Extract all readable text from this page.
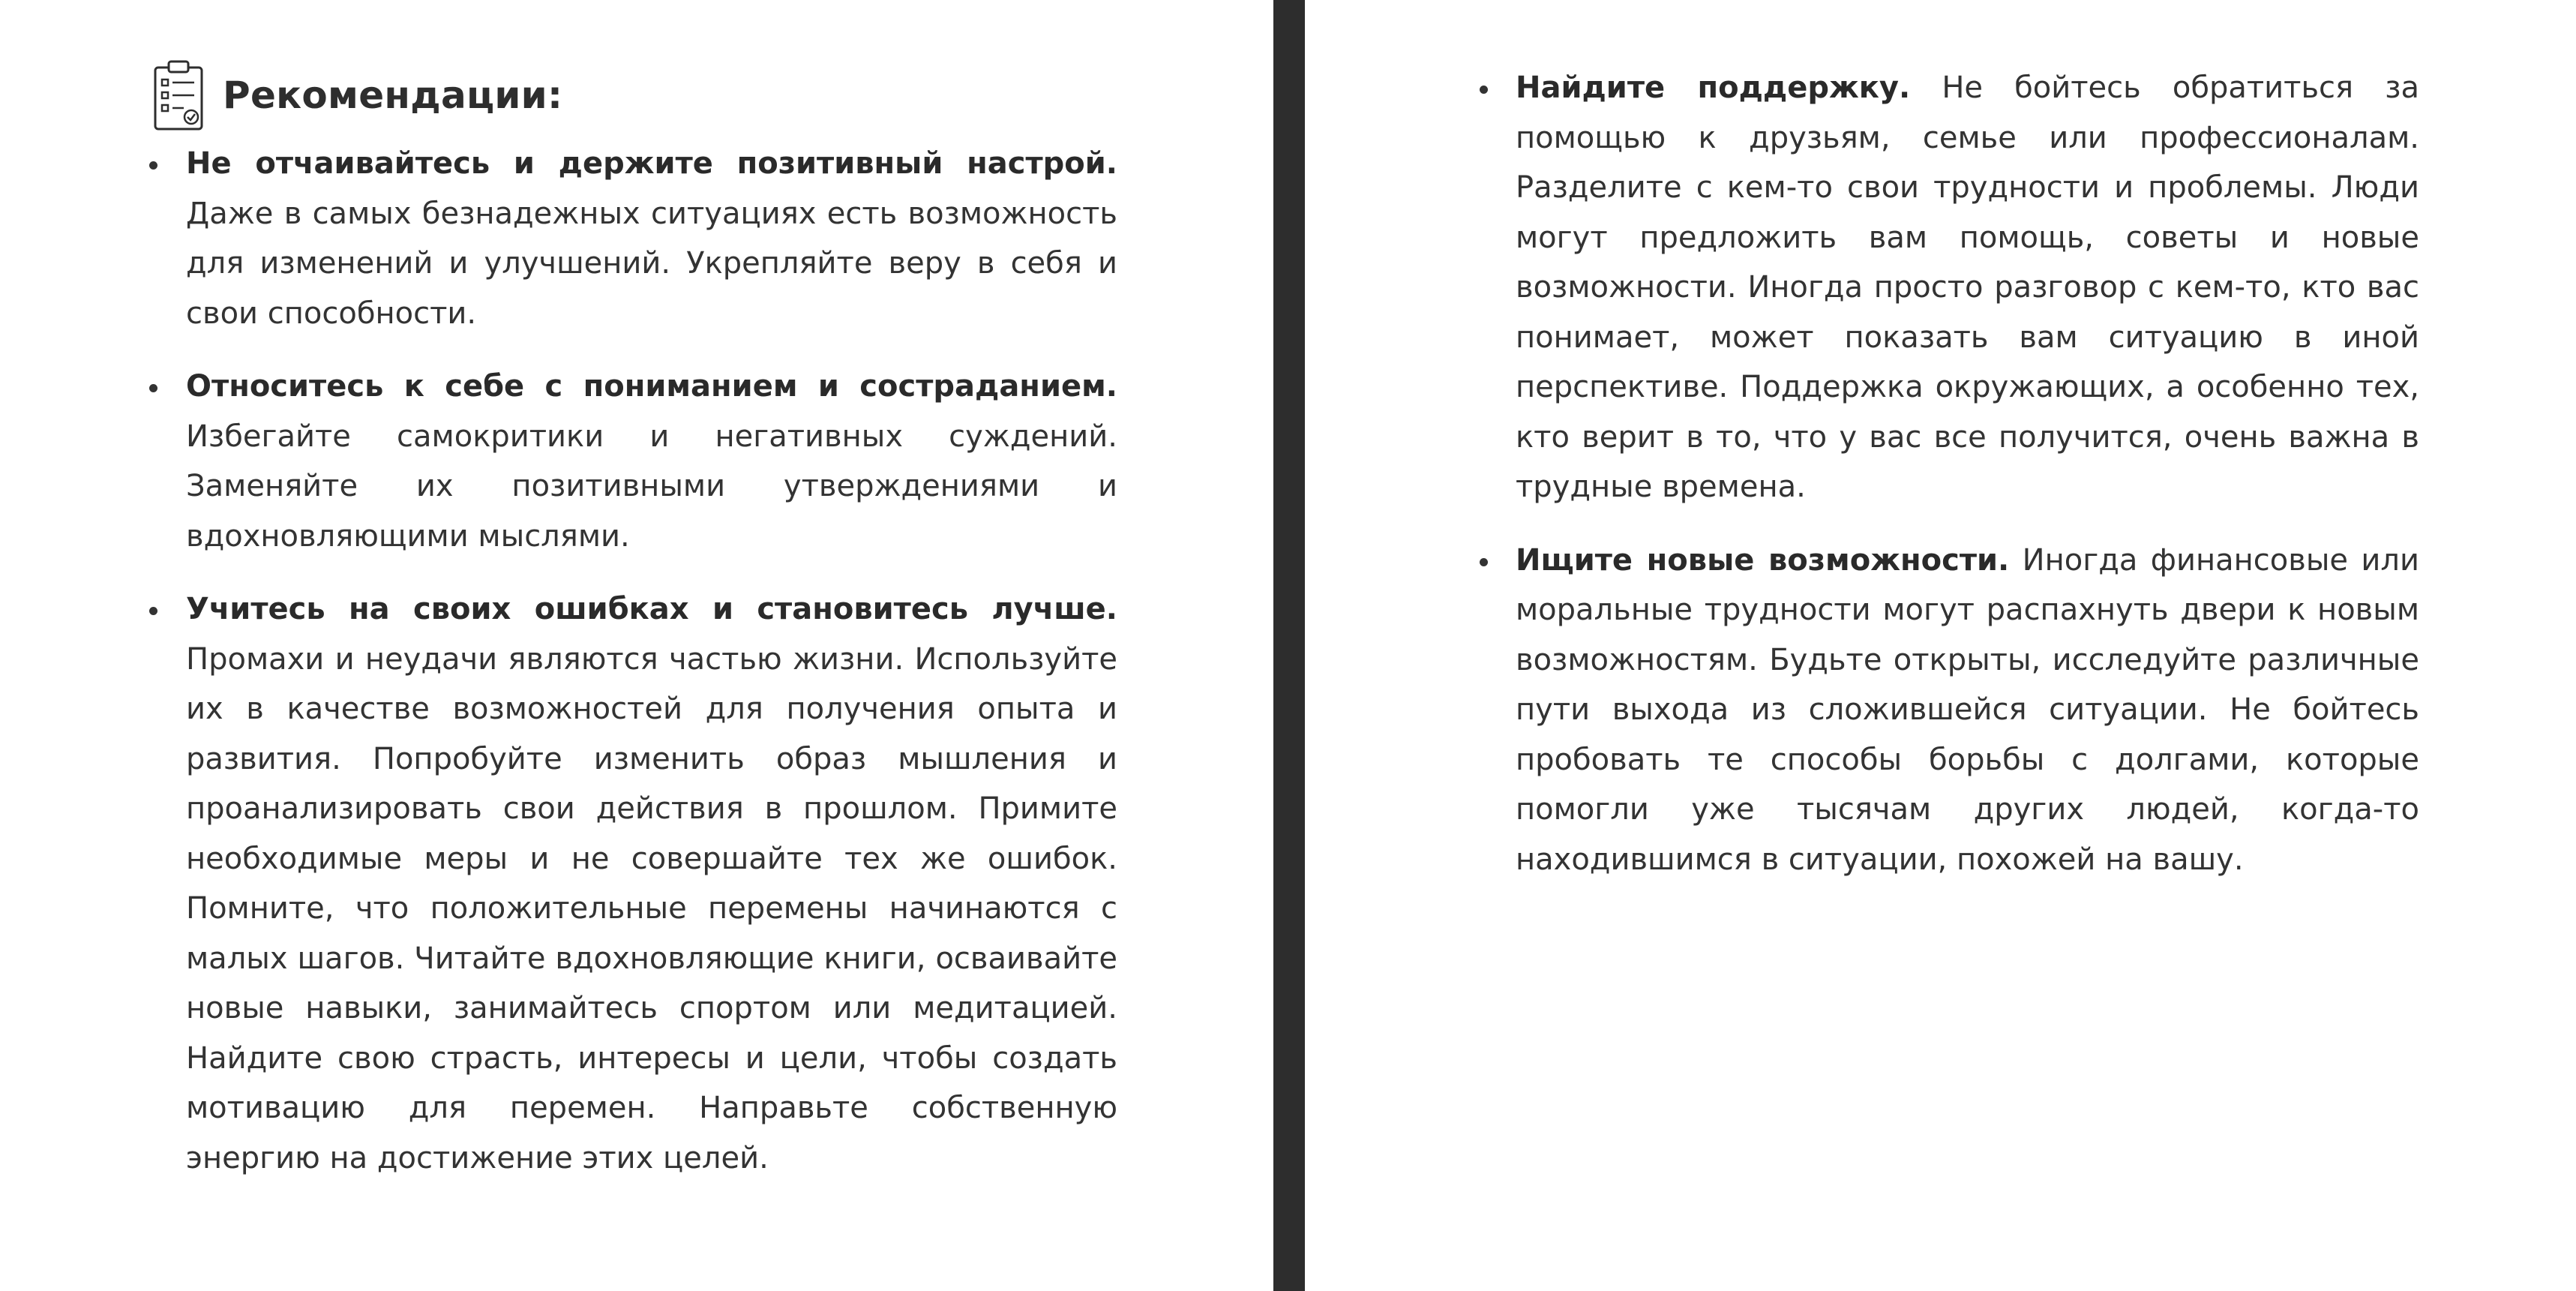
Рекомендации:
Не отчаивайтесь и держите позитивный настрой. Даже в самых безнадежных ситуациях есть возможность для изменений и улучшений. Укрепляйте веру в себя и свои способности.
Относитесь к себе с пониманием и состраданием. Избегайте самокритики и негативных суждений. Заменяйте их позитивными утверждениями и вдохновляющими мыслями.
Учитесь на своих ошибках и становитесь лучше. Промахи и неудачи являются частью жизни. Используйте их в качестве возможностей для получения опыта и развития. Попробуйте изменить образ мышления и проанализировать свои действия в прошлом. Примите необходимые меры и не совершайте тех же ошибок. Помните, что положительные перемены начинаются с малых шагов. Читайте вдохновляющие книги, осваивайте новые навыки, занимайтесь спортом или медитацией. Найдите свою страсть, интересы и цели, чтобы создать мотивацию для перемен. Направьте собственную энергию на достижение этих целей.
Найдите поддержку. Не бойтесь обратиться за помощью к друзьям, семье или профессионалам. Разделите с кем-то свои трудности и проблемы. Люди могут предложить вам помощь, советы и новые возможности. Иногда просто разговор с кем-то, кто вас понимает, может показать вам ситуацию в иной перспективе. Поддержка окружающих, а особенно тех, кто верит в то, что у вас все получится, очень важна в трудные времена.
Ищите новые возможности. Иногда финансовые или моральные трудности могут распахнуть двери к новым возможностям. Будьте открыты, исследуйте различные пути выхода из сложившейся ситуации. Не бойтесь пробовать те способы борьбы с долгами, которые помогли уже тысячам других людей, когда-то находившимся в ситуации, похожей на вашу.
